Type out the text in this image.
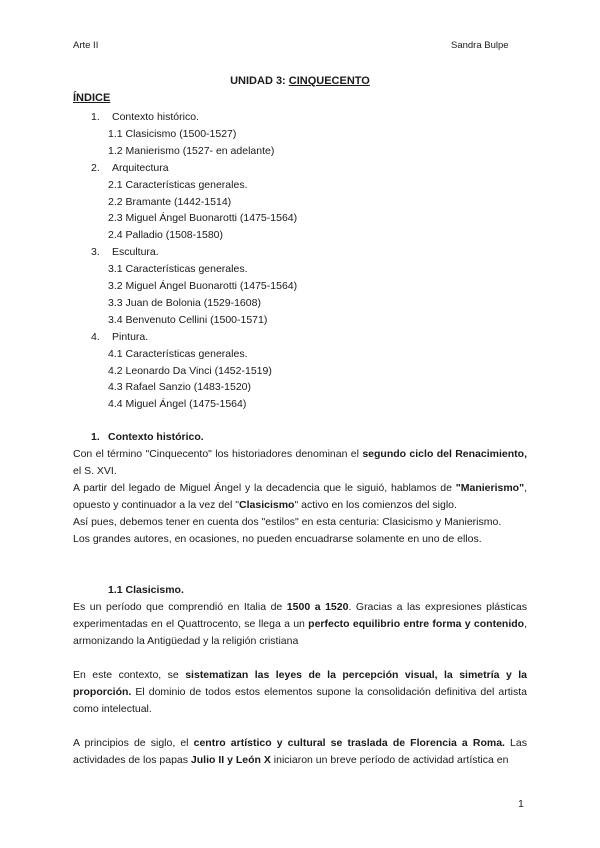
Arte II	Sandra Bulpe
UNIDAD 3: CINQUECENTO
ÍNDICE
1. Contexto histórico.
1.1 Clasicismo (1500-1527)
1.2 Manierismo (1527- en adelante)
2. Arquitectura
2.1 Características generales.
2.2 Bramante (1442-1514)
2.3 Miguel Ángel Buonarotti (1475-1564)
2.4 Palladio (1508-1580)
3. Escultura.
3.1 Características generales.
3.2 Miguel Ángel Buonarotti (1475-1564)
3.3 Juan de Bolonia (1529-1608)
3.4 Benvenuto Cellini (1500-1571)
4. Pintura.
4.1 Características generales.
4.2 Leonardo Da Vinci (1452-1519)
4.3 Rafael Sanzio (1483-1520)
4.4 Miguel Ángel (1475-1564)
1. Contexto histórico.

Con el término "Cinquecento" los historiadores denominan el segundo ciclo del Renacimiento, el S. XVI.

A partir del legado de Miguel Ángel y la decadencia que le siguió, hablamos de "Manierismo", opuesto y continuador a la vez del "Clasicismo" activo en los comienzos del siglo.

Así pues, debemos tener en cuenta dos "estilos" en esta centuria: Clasicismo y Manierismo.

Los grandes autores, en ocasiones, no pueden encuadrarse solamente en uno de ellos.

1.1 Clasicismo.

Es un período que comprendió en Italia de 1500 a 1520. Gracias a las expresiones plásticas experimentadas en el Quattrocento, se llega a un perfecto equilibrio entre forma y contenido, armonizando la Antigüedad y la religión cristiana

En este contexto, se sistematizan las leyes de la percepción visual, la simetría y la proporción. El dominio de todos estos elementos supone la consolidación definitiva del artista como intelectual.

A principios de siglo, el centro artístico y cultural se traslada de Florencia a Roma. Las actividades de los papas Julio II y León X iniciaron un breve período de actividad artística en

1
